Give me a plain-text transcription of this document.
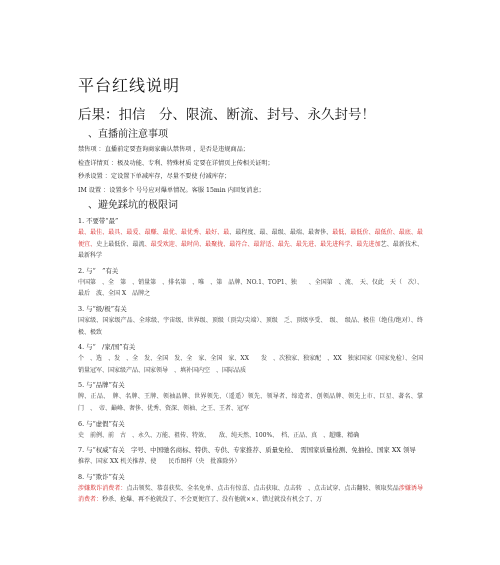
平台红线说明
后果：扣信　分、限流、断流、封号、永久封号！
、直播前注意事项
禁售项 ：直播前定要查询商家确认禁售项 ，是否是违规商品；
检查详情页 ：极及功能、专利、特殊材质 定要在详情页上传相关证明；
秒杀设置 ：定设置下单减库存，尽量不要使 付减库存；
IM 设置 ：设置多个 号号应对爆单情况。客服 15min 内回复消息；
、避免踩坑的极限词
1. 不要带“最”
最、最佳、最具、最爱、最赚、最优、最优秀、最好、最、最程度、最、最级、最端、最奢侈、最低、最低价、最低价、最底、最便宜、史上最低价、最流、最受欢迎、最时尚、最聚拢、最符合、最舒适、最先、最先进、最先进科学、最先进加艺、最新技术、最新科学
2. 与“　”有关
中国第　、全　第　、销量第　、排名第　、唯　、第　品牌、NO.1、TOP1、独　　、全国第　、流、　天、仅此　天（　次）、最后　波、全国 X　品牌之
3. 与“级/极”有关
国家级、国家级产品、全球级、宇宙级、世界级、顶级（顶尖/尖端）、顶级　乏、顶级享受、　级、　级品、极佳（绝佳/绝对）、终极、极致
4. 与“　/家/国”有关
个　、选　、发　、全　发、全国　发、全　家、全国　家、XX　　发　、次独家、独家配　、XX　独家国家（国家免检）、全国销量冠军、国家级产品、国家领导　、填补国内空　、国际品质
5. 与“品牌”有关
牌、正品、　牌、名牌、王牌、领袖品牌、世界领先、（遥遥）领先、领导者、缔造者、创领品牌、领先上市、巨星、著名、掌门　、　帝、巅峰、奢侈、优秀、资深、领袖、之王、王者、冠军
6. 与“虚假”有关
史　前例、前　古　、永久、万能、祖传、特效、　　敌、纯天然、100%、　档、正品、真　、超赚、精确
7. 与“权威”有关　字号、中国驰名商标、特供、专供、专家推荐、质量免检、　需国家质量检测、免抽检、国家 XX 领导
推荐、国家 XX 机关推荐、使　　民币图样（央　批准除外）
8. 与“欺诈”有关
涉嫌欺诈消费者：点击领奖、恭喜获奖、全名免单、点击有惊喜、点击获取、点击转　、点击试穿、点击翻转、领取奖品涉嫌诱导消费者：秒杀、抢爆、再不抢就没了、不会更便宜了、没有他就××、错过就没有机会了、万
